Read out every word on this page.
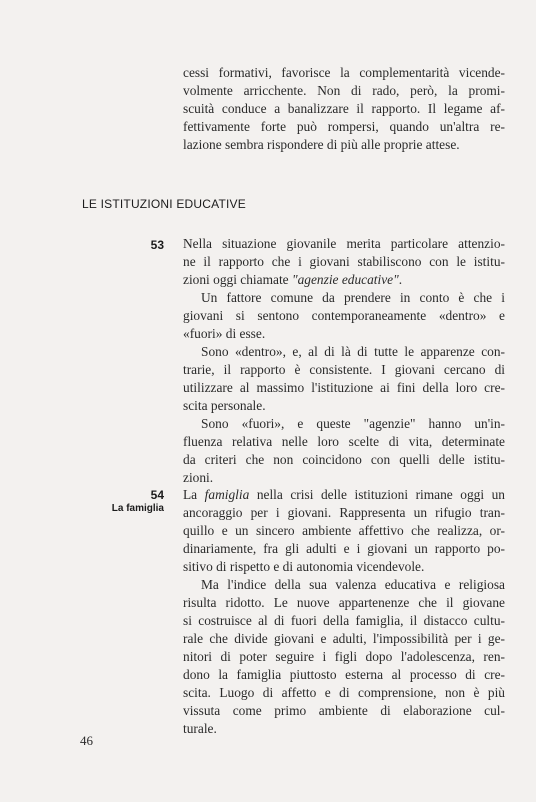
cessi formativi, favorisce la complementarità vicende-
volmente arricchente. Non di rado, però, la promi-
scuità conduce a banalizzare il rapporto. Il legame af-
fettivamente forte può rompersi, quando un'altra re-
lazione sembra rispondere di più alle proprie attese.

LE ISTITUZIONI EDUCATIVE
53 Nella situazione giovanile merita particolare attenzio-
ne il rapporto che i giovani stabiliscono con le istitu-
zioni oggi chiamate "agenzie educative".

Un fattore comune da prendere in conto è che i
giovani si sentono contemporaneamente «dentro» e
«fuori» di esse.

Sono «dentro», e, al di là di tutte le apparenze con-
trarie, il rapporto è consistente. I giovani cercano di
utilizzare al massimo l'istituzione ai fini della loro cre-
scita personale.

Sono «fuori», e queste "agenzie" hanno un'in-
fluenza relativa nelle loro scelte di vita, determinate
da criteri che non coincidono con quelli delle istitu-
zioni.

54
La famiglia

La famiglia nella crisi delle istituzioni rimane oggi un
ancoraggio per i giovani. Rappresenta un rifugio tran-
quillo e un sincero ambiente affettivo che realizza, or-
dinariamente, fra gli adulti e i giovani un rapporto po-
sitivo di rispetto e di autonomia vicendevole.

Ma l'indice della sua valenza educativa e religiosa
risulta ridotto. Le nuove appartenenze che il giovane
si costruisce al di fuori della famiglia, il distacco cultu-
rale che divide giovani e adulti, l'impossibilità per i ge-
nitori di poter seguire i figli dopo l'adolescenza, ren-
dono la famiglia piuttosto esterna al processo di cre-
scita. Luogo di affetto e di comprensione, non è più
vissuta come primo ambiente di elaborazione cul-
turale.

46
